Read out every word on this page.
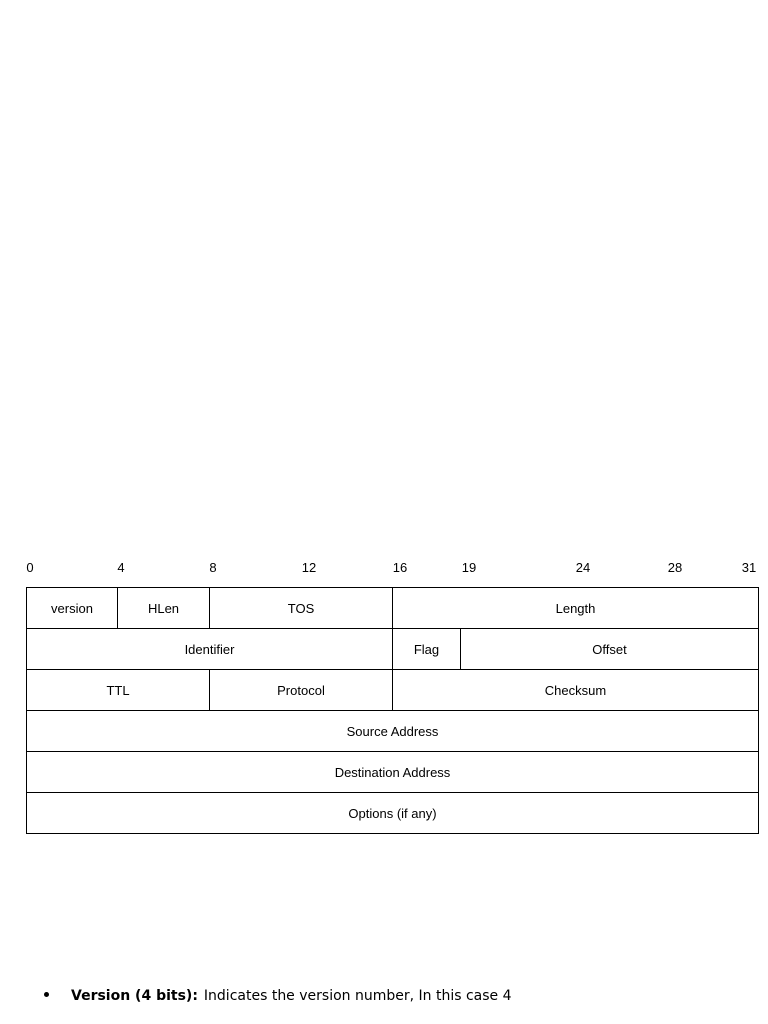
0	4	8	12	16	19	24	28	31
version	HLen	TOS	Length
Identifier	Flag	Offset
TTL	Protocol	Checksum
Source Address
Destination Address
Options (if any)
Version (4 bits): Indicates the version number, In this case 4
